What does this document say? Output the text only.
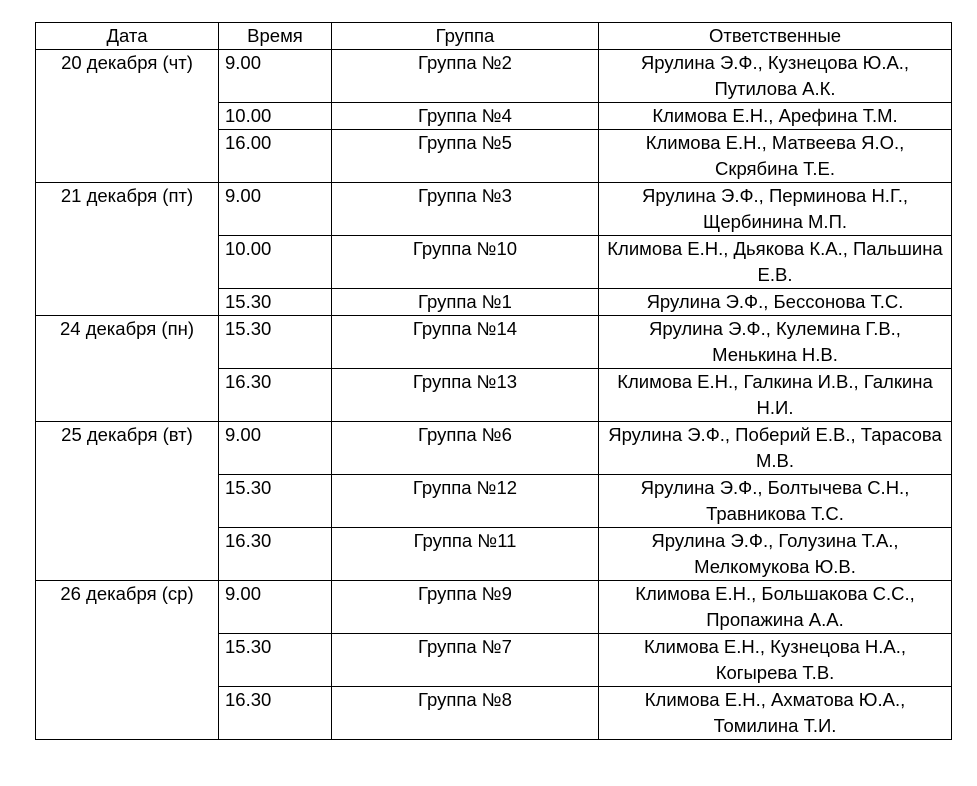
Дата	Время	Группа	Ответственные
20 декабря (чт)	9.00	Группа №2	Ярулина Э.Ф., Кузнецова Ю.А., Путилова А.К.
	10.00	Группа №4	Климова Е.Н., Арефина Т.М.
	16.00	Группа №5	Климова Е.Н., Матвеева Я.О., Скрябина Т.Е.
21 декабря (пт)	9.00	Группа №3	Ярулина Э.Ф., Перминова Н.Г., Щербинина М.П.
	10.00	Группа №10	Климова Е.Н., Дьякова К.А., Пальшина Е.В.
	15.30	Группа №1	Ярулина Э.Ф., Бессонова Т.С.
24 декабря (пн)	15.30	Группа №14	Ярулина Э.Ф., Кулемина Г.В., Менькина Н.В.
	16.30	Группа №13	Климова Е.Н., Галкина И.В., Галкина Н.И.
25 декабря (вт)	9.00	Группа №6	Ярулина Э.Ф., Поберий Е.В., Тарасова М.В.
	15.30	Группа №12	Ярулина Э.Ф., Болтычева С.Н., Травникова Т.С.
	16.30	Группа №11	Ярулина Э.Ф., Голузина Т.А., Мелкомукова Ю.В.
26 декабря (ср)	9.00	Группа №9	Климова Е.Н., Большакова С.С., Пропажина А.А.
	15.30	Группа №7	Климова Е.Н., Кузнецова Н.А., Когырева Т.В.
	16.30	Группа №8	Климова Е.Н., Ахматова Ю.А., Томилина Т.И.
